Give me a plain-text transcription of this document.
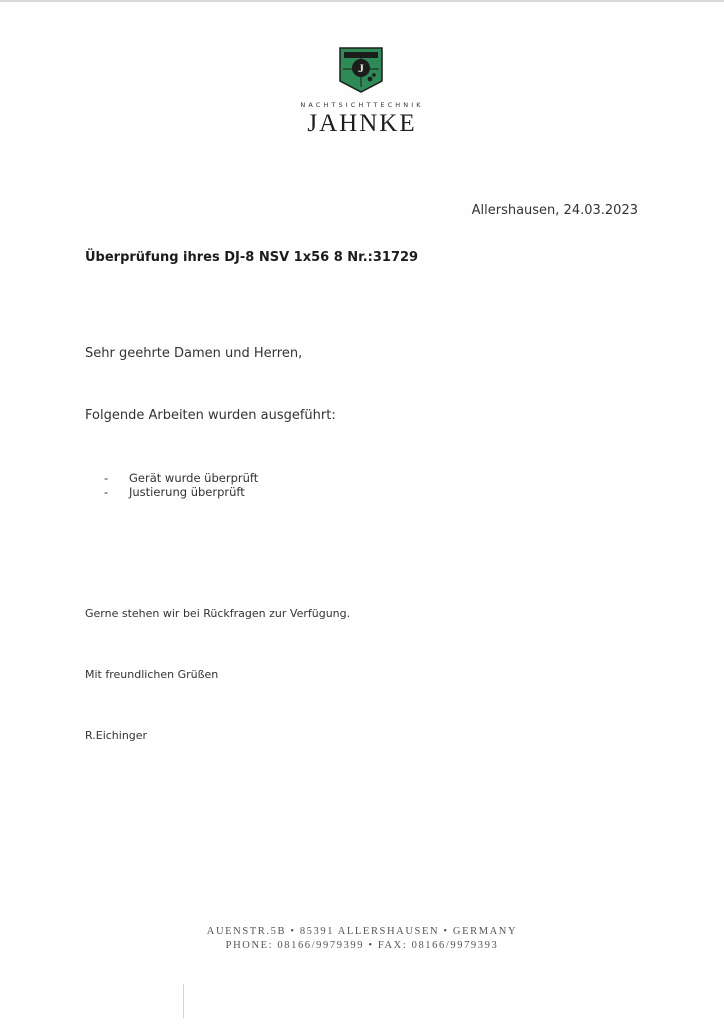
J
NACHTSICHTTECHNIK
JAHNKE
Allershausen, 24.03.2023
Überprüfung ihres DJ-8 NSV 1x56 8 Nr.:31729
Sehr geehrte Damen und Herren,
Folgende Arbeiten wurden ausgeführt:
- Gerät wurde überprüft
- Justierung überprüft
Gerne stehen wir bei Rückfragen zur Verfügung.
Mit freundlichen Grüßen
R.Eichinger
AUENSTR.5B • 85391 ALLERSHAUSEN • GERMANY
PHONE: 08166/9979399 • FAX: 08166/9979393
